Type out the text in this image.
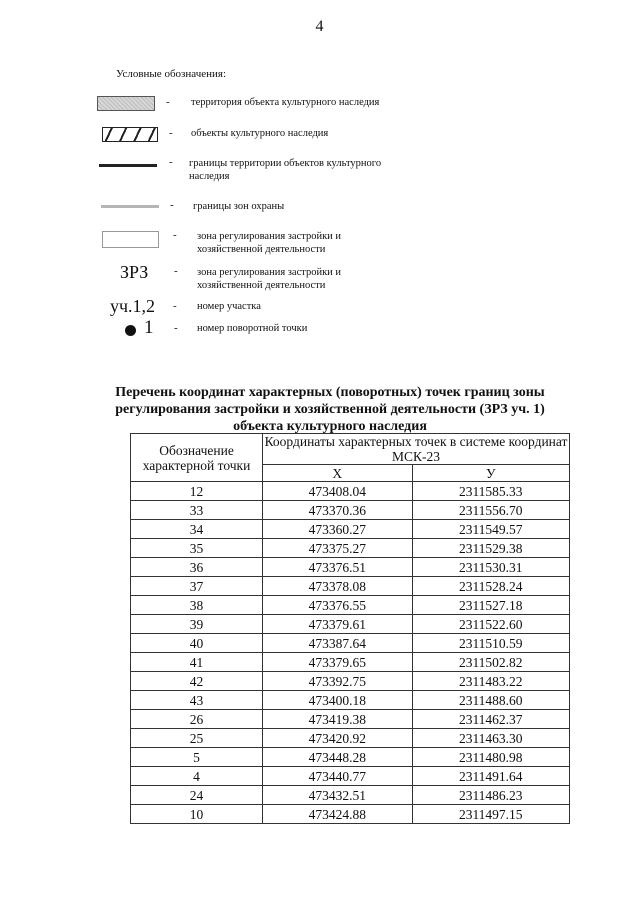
4
Условные обозначения:
- территория объекта культурного наследия
- объекты культурного наследия
- границы территории объектов культурного наследия
- границы зон охраны
- зона регулирования застройки и хозяйственной деятельности
ЗРЗ - зона регулирования застройки и хозяйственной деятельности
уч.1,2 - номер участка
1 - номер поворотной точки
Перечень координат характерных (поворотных) точек границ зоны регулирования застройки и хозяйственной деятельности (ЗРЗ уч. 1) объекта культурного наследия
Обозначение характерной точки	Координаты характерных точек в системе координат МСК-23	
	X	У
12	473408.04	2311585.33
33	473370.36	2311556.70
34	473360.27	2311549.57
35	473375.27	2311529.38
36	473376.51	2311530.31
37	473378.08	2311528.24
38	473376.55	2311527.18
39	473379.61	2311522.60
40	473387.64	2311510.59
41	473379.65	2311502.82
42	473392.75	2311483.22
43	473400.18	2311488.60
26	473419.38	2311462.37
25	473420.92	2311463.30
5	473448.28	2311480.98
4	473440.77	2311491.64
24	473432.51	2311486.23
10	473424.88	2311497.15
